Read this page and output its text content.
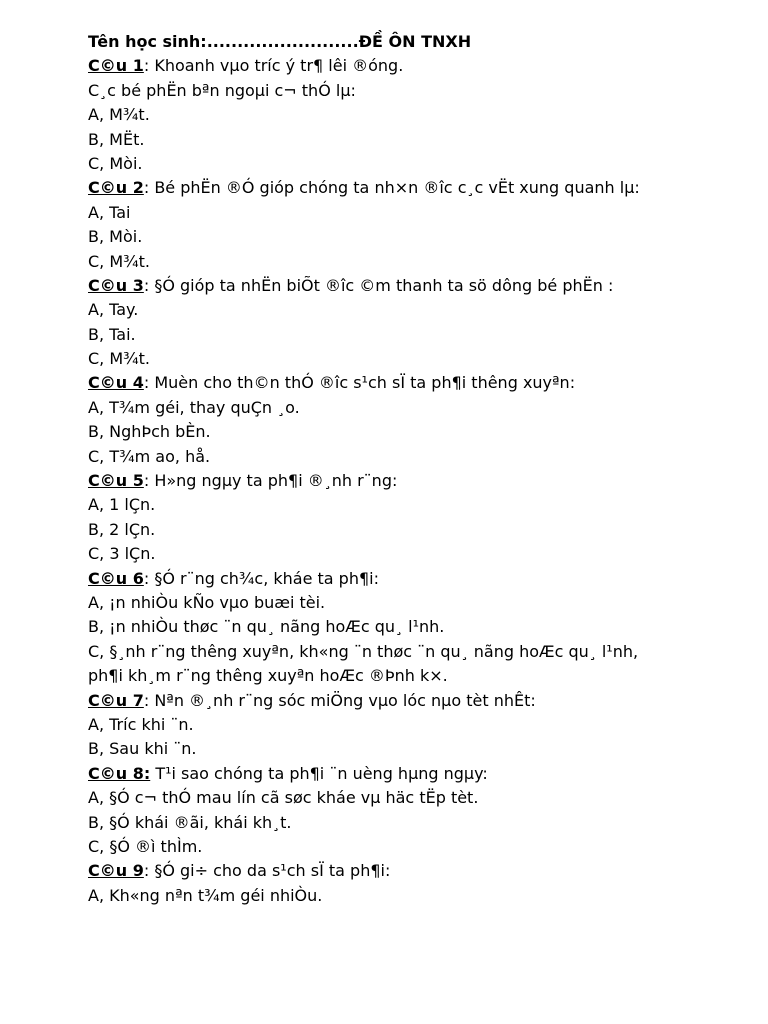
Tên học sinh:.........................ĐỀ ÔN TNXH
C©u 1: Khoanh vµo tríc ý tr¶ lêi ®óng.
C¸c bé phËn bªn ngoµi c¬ thÓ lµ:
A, M¾t.
B, MËt.
C, Mòi.
C©u 2: Bé phËn ®Ó gióp chóng ta nh×n ®îc c¸c vËt xung quanh lµ:
A, Tai
B, Mòi.
C, M¾t.
C©u 3: §Ó gióp ta nhËn biÕt ®îc ©m thanh ta sö dông bé phËn :
A, Tay.
B, Tai.
C, M¾t.
C©u 4: Muèn cho th©n thÓ ®îc s¹ch sÏ ta ph¶i thêng xuyªn:
A, T¾m géi, thay quÇn ¸o.
B, NghÞch bÈn.
C, T¾m ao, hå.
C©u 5: H»ng ngµy ta ph¶i ®¸nh r¨ng:
A, 1 lÇn.
B, 2 lÇn.
C, 3 lÇn.
C©u 6: §Ó r¨ng ch¾c, kháe ta ph¶i:
A, ¡n nhiÒu kÑo vµo buæi tèi.
B, ¡n nhiÒu thøc ¨n qu¸ nãng hoÆc qu¸ l¹nh.
C, §¸nh r¨ng thêng xuyªn, kh«ng ¨n thøc ¨n qu¸ nãng hoÆc qu¸ l¹nh,
ph¶i kh¸m r¨ng thêng xuyªn hoÆc ®Þnh k×.
C©u 7: Nªn ®¸nh r¨ng sóc miÖng vµo lóc nµo tèt nhÊt:
A, Tríc khi ¨n.
B, Sau khi ¨n.
C©u 8: T¹i sao chóng ta ph¶i ¨n uèng hµng ngµy:
A, §Ó c¬ thÓ mau lín cã søc kháe vµ häc tËp tèt.
B, §Ó khái ®ãi, khái kh¸t.
C, §Ó ®ì thÌm.
C©u 9: §Ó gi÷ cho da s¹ch sÏ ta ph¶i:
A, Kh«ng nªn t¾m géi nhiÒu.
